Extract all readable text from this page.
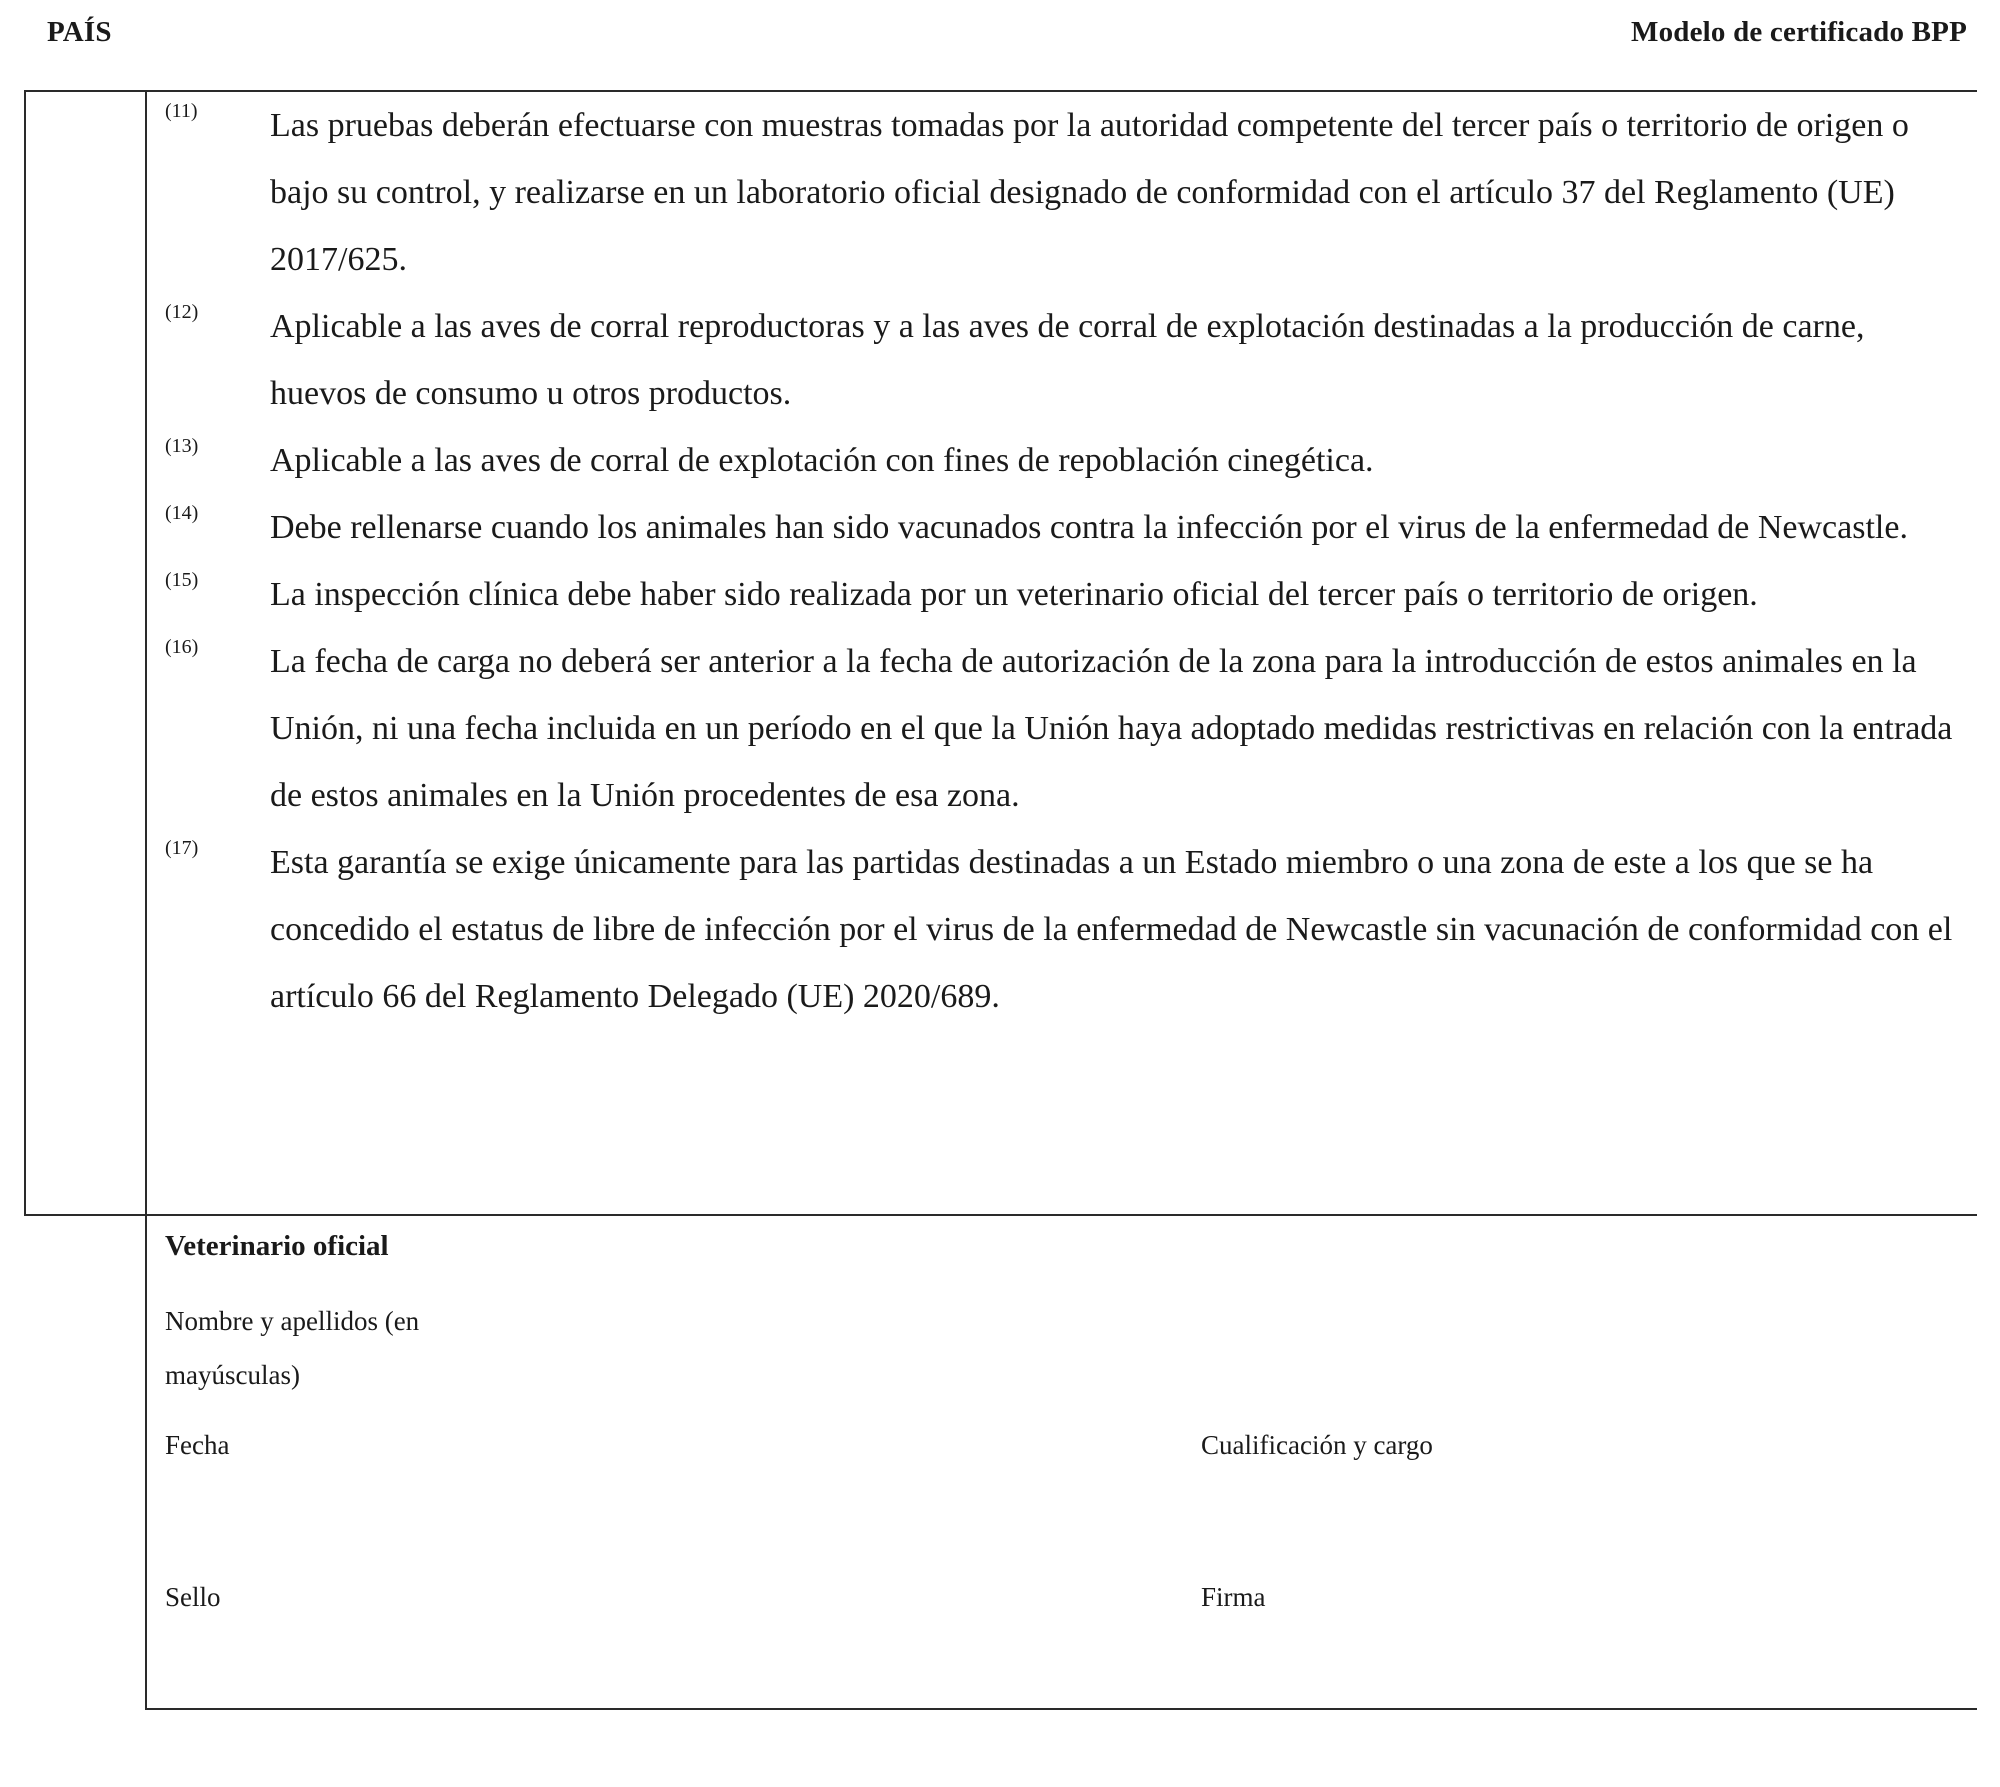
PAÍS	Modelo de certificado BPP
(11) Las pruebas deberán efectuarse con muestras tomadas por la autoridad competente del tercer país o territorio de origen o bajo su control, y realizarse en un laboratorio oficial designado de conformidad con el artículo 37 del Reglamento (UE) 2017/625.
(12) Aplicable a las aves de corral reproductoras y a las aves de corral de explotación destinadas a la producción de carne, huevos de consumo u otros productos.
(13) Aplicable a las aves de corral de explotación con fines de repoblación cinegética.
(14) Debe rellenarse cuando los animales han sido vacunados contra la infección por el virus de la enfermedad de Newcastle.
(15) La inspección clínica debe haber sido realizada por un veterinario oficial del tercer país o territorio de origen.
(16) La fecha de carga no deberá ser anterior a la fecha de autorización de la zona para la introducción de estos animales en la Unión, ni una fecha incluida en un período en el que la Unión haya adoptado medidas restrictivas en relación con la entrada de estos animales en la Unión procedentes de esa zona.
(17) Esta garantía se exige únicamente para las partidas destinadas a un Estado miembro o una zona de este a los que se ha concedido el estatus de libre de infección por el virus de la enfermedad de Newcastle sin vacunación de conformidad con el artículo 66 del Reglamento Delegado (UE) 2020/689.
Veterinario oficial
Nombre y apellidos (en mayúsculas)
Fecha	Cualificación y cargo
Sello	Firma
